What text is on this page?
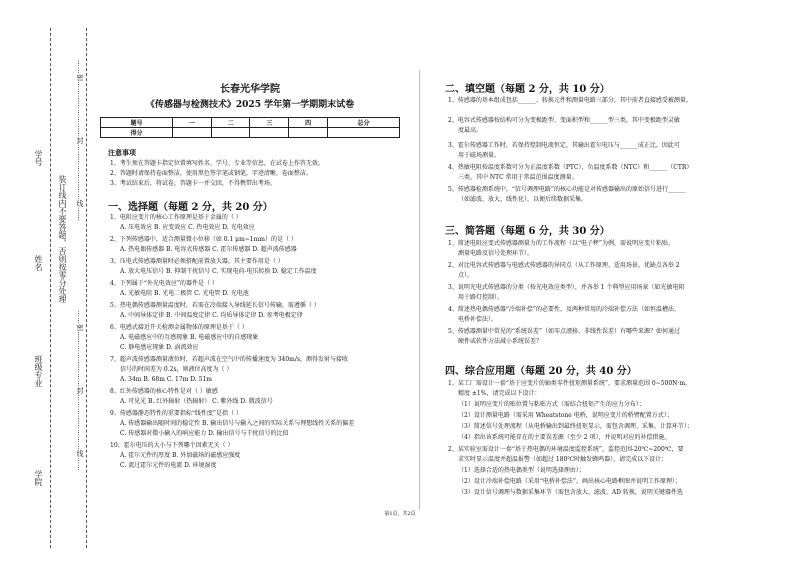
学号
姓名 装订线内不要答题，否则按零分处理
班级专业
学院
……密……………………封……………………线……
……密……………………封……………………线……
长春光华学院
《传感器与检测技术》2025 学年第一学期期末试卷
题号	一	二	三	四	总分
得分					
注意事项
1、考生须在答题卡指定位置填写姓名、学号、专业等信息，在试卷上作答无效。
2、答题时请保持卷面整洁，使用黑色签字笔或钢笔，字迹清晰，卷面整洁。
3、考试结束后，将试卷、答题卡一并交回，不得携带出考场。
一、选择题（每题 2 分，共 20 分）
1、电阻应变片的核心工作原理是基于金属的（ ）
A. 压电效应 B. 应变效应 C. 热电效应 D. 光电效应
2、下列传感器中，适合测量微小位移（如 0.1 μm~1mm）的是（ ）
A. 热电偶传感器 B. 电容式传感器 C. 霍尔传感器 D. 超声波传感器
3、压电式传感器测量时必须搭配前置放大器，其主要作用是（ ）
A. 放大电压信号 B. 抑制干扰信号 C. 实现电荷-电压转换 D. 稳定工作温度
4、下列属于“外光电效应”的器件是（ ）
A. 光敏电阻 B. 光电二极管 C. 光电管 D. 光电池
5、热电偶传感器测量温度时，若需在冷端接入导线延长信号传输，需遵循（ ）
A. 中间导体定律 B. 中间温度定律 C. 均质导体定律 D. 参考电极定律
6、电感式接近开关检测金属物体的原理是基于（ ）
A. 电磁感应中的互感现象 B. 电磁感应中的自感现象
C. 静电感应现象 D. 涡流效应
7、超声波传感器测量液位时，若超声波在空气中的传播速度为 340m/s，测得发射与接收
信号的时间差为 0.2s，则液位高度为（ ）
A. 34m B. 68m C. 17m D. 51m
8、红外传感器的核心特性是对（ ）敏感
A. 可见光 B. 红外辐射（热辐射） C. 紫外线 D. 微波信号
9、传感器静态特性的重要指标“线性度”是指（ ）
A. 传感器输出随时间的稳定性 B. 输出信号与输入之间的实际关系与理想线性关系的偏差
C. 传感器对微小输入的响应能力 D. 输出信号与干扰信号的比值
10、霍尔电压的大小与下列哪个因素无关（ ）
A. 霍尔元件的厚度 B. 外加磁场的磁感应强度
C. 流过霍尔元件的电流 D. 环境湿度
二、填空题（每题 2 分，共 10 分）
1、传感器的基本组成包括______、转换元件和测量电路三部分，其中前者直接感受被测量。
2、电容式传感器按结构可分为变极距型、变面积型和______型三类，其中变极距型灵敏
度最高。
3、霍尔传感器工作时，若保持控制电流恒定，其输出霍尔电压与______成正比，因此可
用于磁场测量。
4、热敏电阻按温度系数可分为正温度系数（PTC）、负温度系数（NTC）和______（CTR）
三类，其中 NTC 常用于常温范围温度测量。
5、传感器检测系统中，“信号调理电路”的核心功能是对传感器输出的原始信号进行______
（如滤波、放大、线性化），以便后续数据采集。
三、简答题（每题 6 分，共 30 分）
1、简述电阻应变式传感器测量力的工作流程（以“电子秤”为例，需说明应变片粘贴、
测量电路及信号处理环节）。
2、对比电容式传感器与电感式传感器的异同点（从工作原理、适用场景、优缺点各举 2
点）。
3、说明光电式传感器的分类（按光电效应类型），并各举 1 个典型应用场景（如光敏电阻
用于路灯控制）。
4、简述热电偶传感器“冷端补偿”的必要性，及两种常用的冷端补偿方法（如恒温槽法、
电桥补偿法）。
5、传感器测量中常见的“系统误差”（如零点漂移、非线性误差）有哪些来源？如何通过
硬件或软件方法减小系统误差？
四、综合应用题（每题 20 分，共 40 分）
1、某工厂需设计一套“基于应变片的轴类零件扭矩测量系统”，要求测量范围 0~500N·m，
精度 ±1%，请完成以下设计：
（1）说明应变片的贴位置与粘贴方式（需结合扭矩产生的应力分布）；
（2）设计测量电路（需采用 Wheatstone 电桥，说明应变片的桥臂配置方式）；
（3）简述信号处理流程（从电桥输出到最终扭矩显示，需包含调理、采集、计算环节）；
（4）指出该系统可能存在的主要误差源（至少 2 项），并说明对应的补偿措施。
2、某实验室需设计一套“基于热电偶的环境温度监控系统”，监控范围-20℃~200℃，要
求实时显示温度并超温报警（如超过 180℃时触发蜂鸣器），请完成以下设计：
（1）选择合适的热电偶类型（说明选择理由）；
（2）设计冷端补偿电路（采用“电桥补偿法”，画出核心电路框图并说明工作原理）；
（3）设计信号调理与数据采集环节（需包含放大、滤波、AD 转换，说明关键器件选
第1页，共2页
